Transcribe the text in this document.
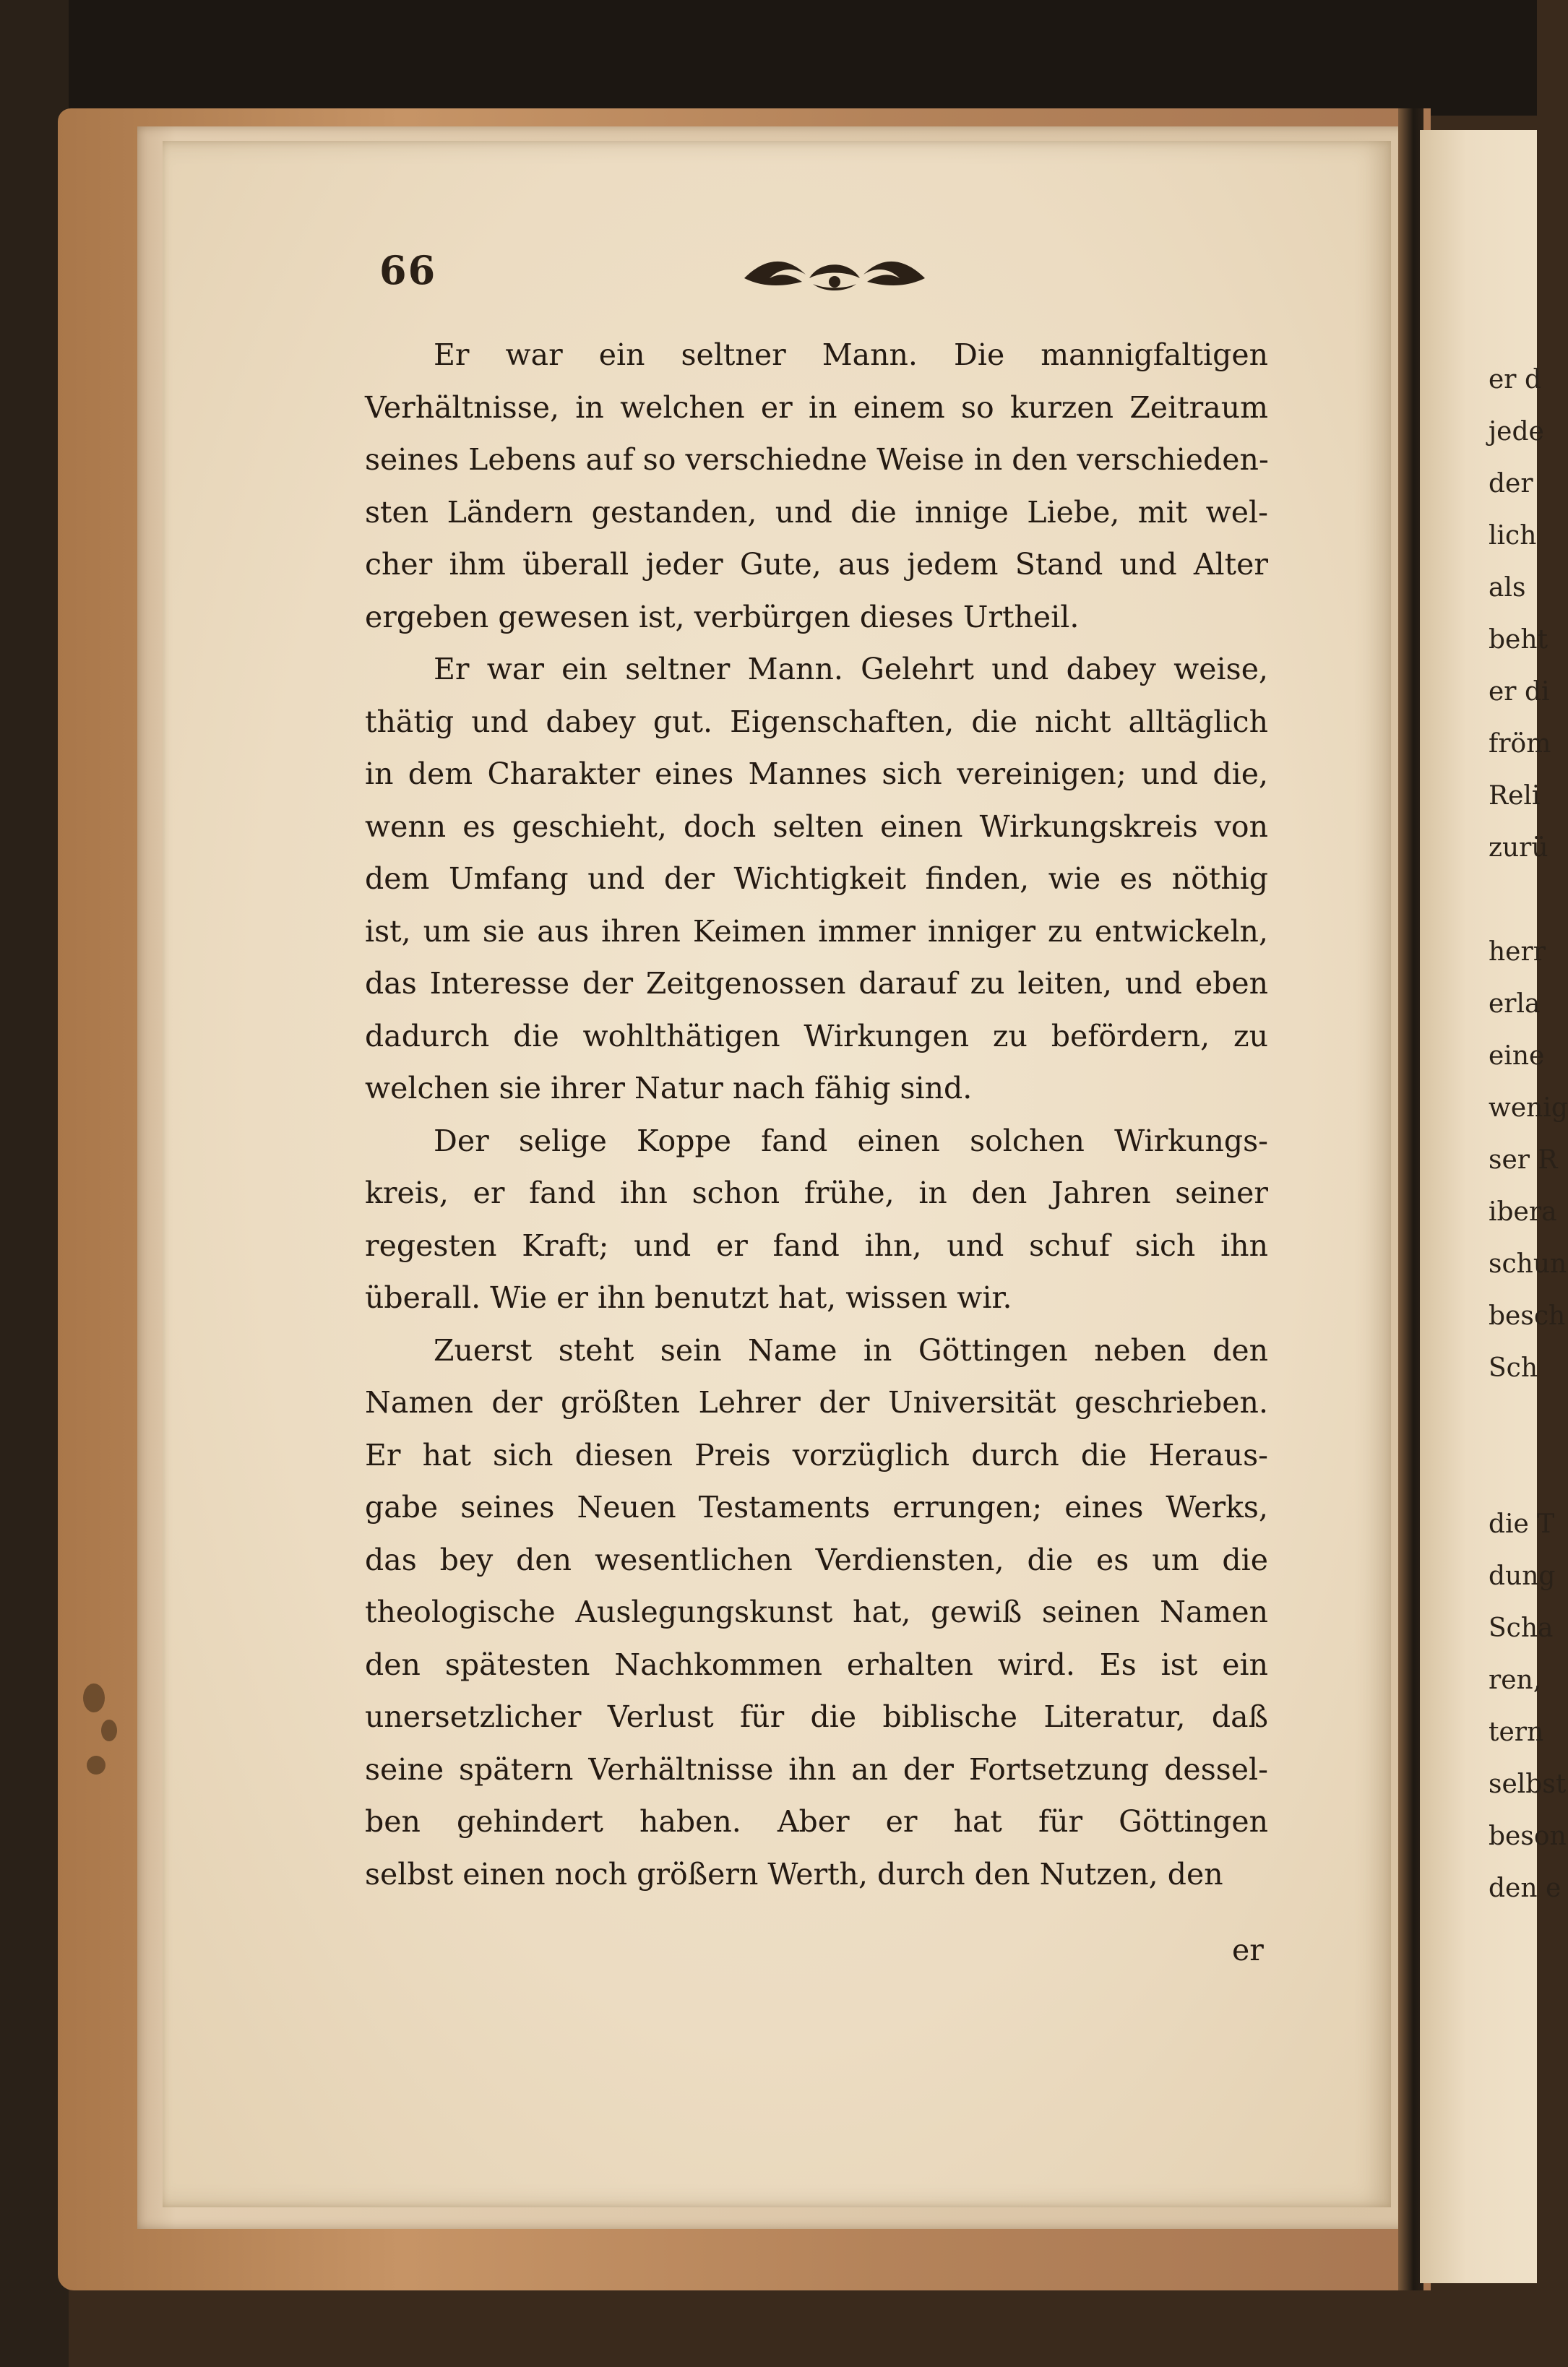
er d
jede
der
lich
als
beht
er di
fröm
Reli
zurü
herr
erla
eine
wenig
ser R
ibera
schun
besch
Sch
die T
dung
Scha
ren,
tern
selbst
beson
den e
66
Er war ein seltner Mann. Die mannigfaltigen
Verhältnisse, in welchen er in einem so kurzen Zeitraum
seines Lebens auf so verschiedne Weise in den verschieden-
sten Ländern gestanden, und die innige Liebe, mit wel-
cher ihm überall jeder Gute, aus jedem Stand und Alter
ergeben gewesen ist, verbürgen dieses Urtheil.
Er war ein seltner Mann. Gelehrt und dabey weise,
thätig und dabey gut. Eigenschaften, die nicht alltäglich
in dem Charakter eines Mannes sich vereinigen; und die,
wenn es geschieht, doch selten einen Wirkungskreis von
dem Umfang und der Wichtigkeit finden, wie es nöthig
ist, um sie aus ihren Keimen immer inniger zu entwickeln,
das Interesse der Zeitgenossen darauf zu leiten, und eben
dadurch die wohlthätigen Wirkungen zu befördern, zu
welchen sie ihrer Natur nach fähig sind.
Der selige Koppe fand einen solchen Wirkungs-
kreis, er fand ihn schon frühe, in den Jahren seiner
regesten Kraft; und er fand ihn, und schuf sich ihn
überall. Wie er ihn benutzt hat, wissen wir.
Zuerst steht sein Name in Göttingen neben den
Namen der größten Lehrer der Universität geschrieben.
Er hat sich diesen Preis vorzüglich durch die Heraus-
gabe seines Neuen Testaments errungen; eines Werks,
das bey den wesentlichen Verdiensten, die es um die
theologische Auslegungskunst hat, gewiß seinen Namen
den spätesten Nachkommen erhalten wird. Es ist ein
unersetzlicher Verlust für die biblische Literatur, daß
seine spätern Verhältnisse ihn an der Fortsetzung dessel-
ben gehindert haben. Aber er hat für Göttingen
selbst einen noch größern Werth, durch den Nutzen, den
er
